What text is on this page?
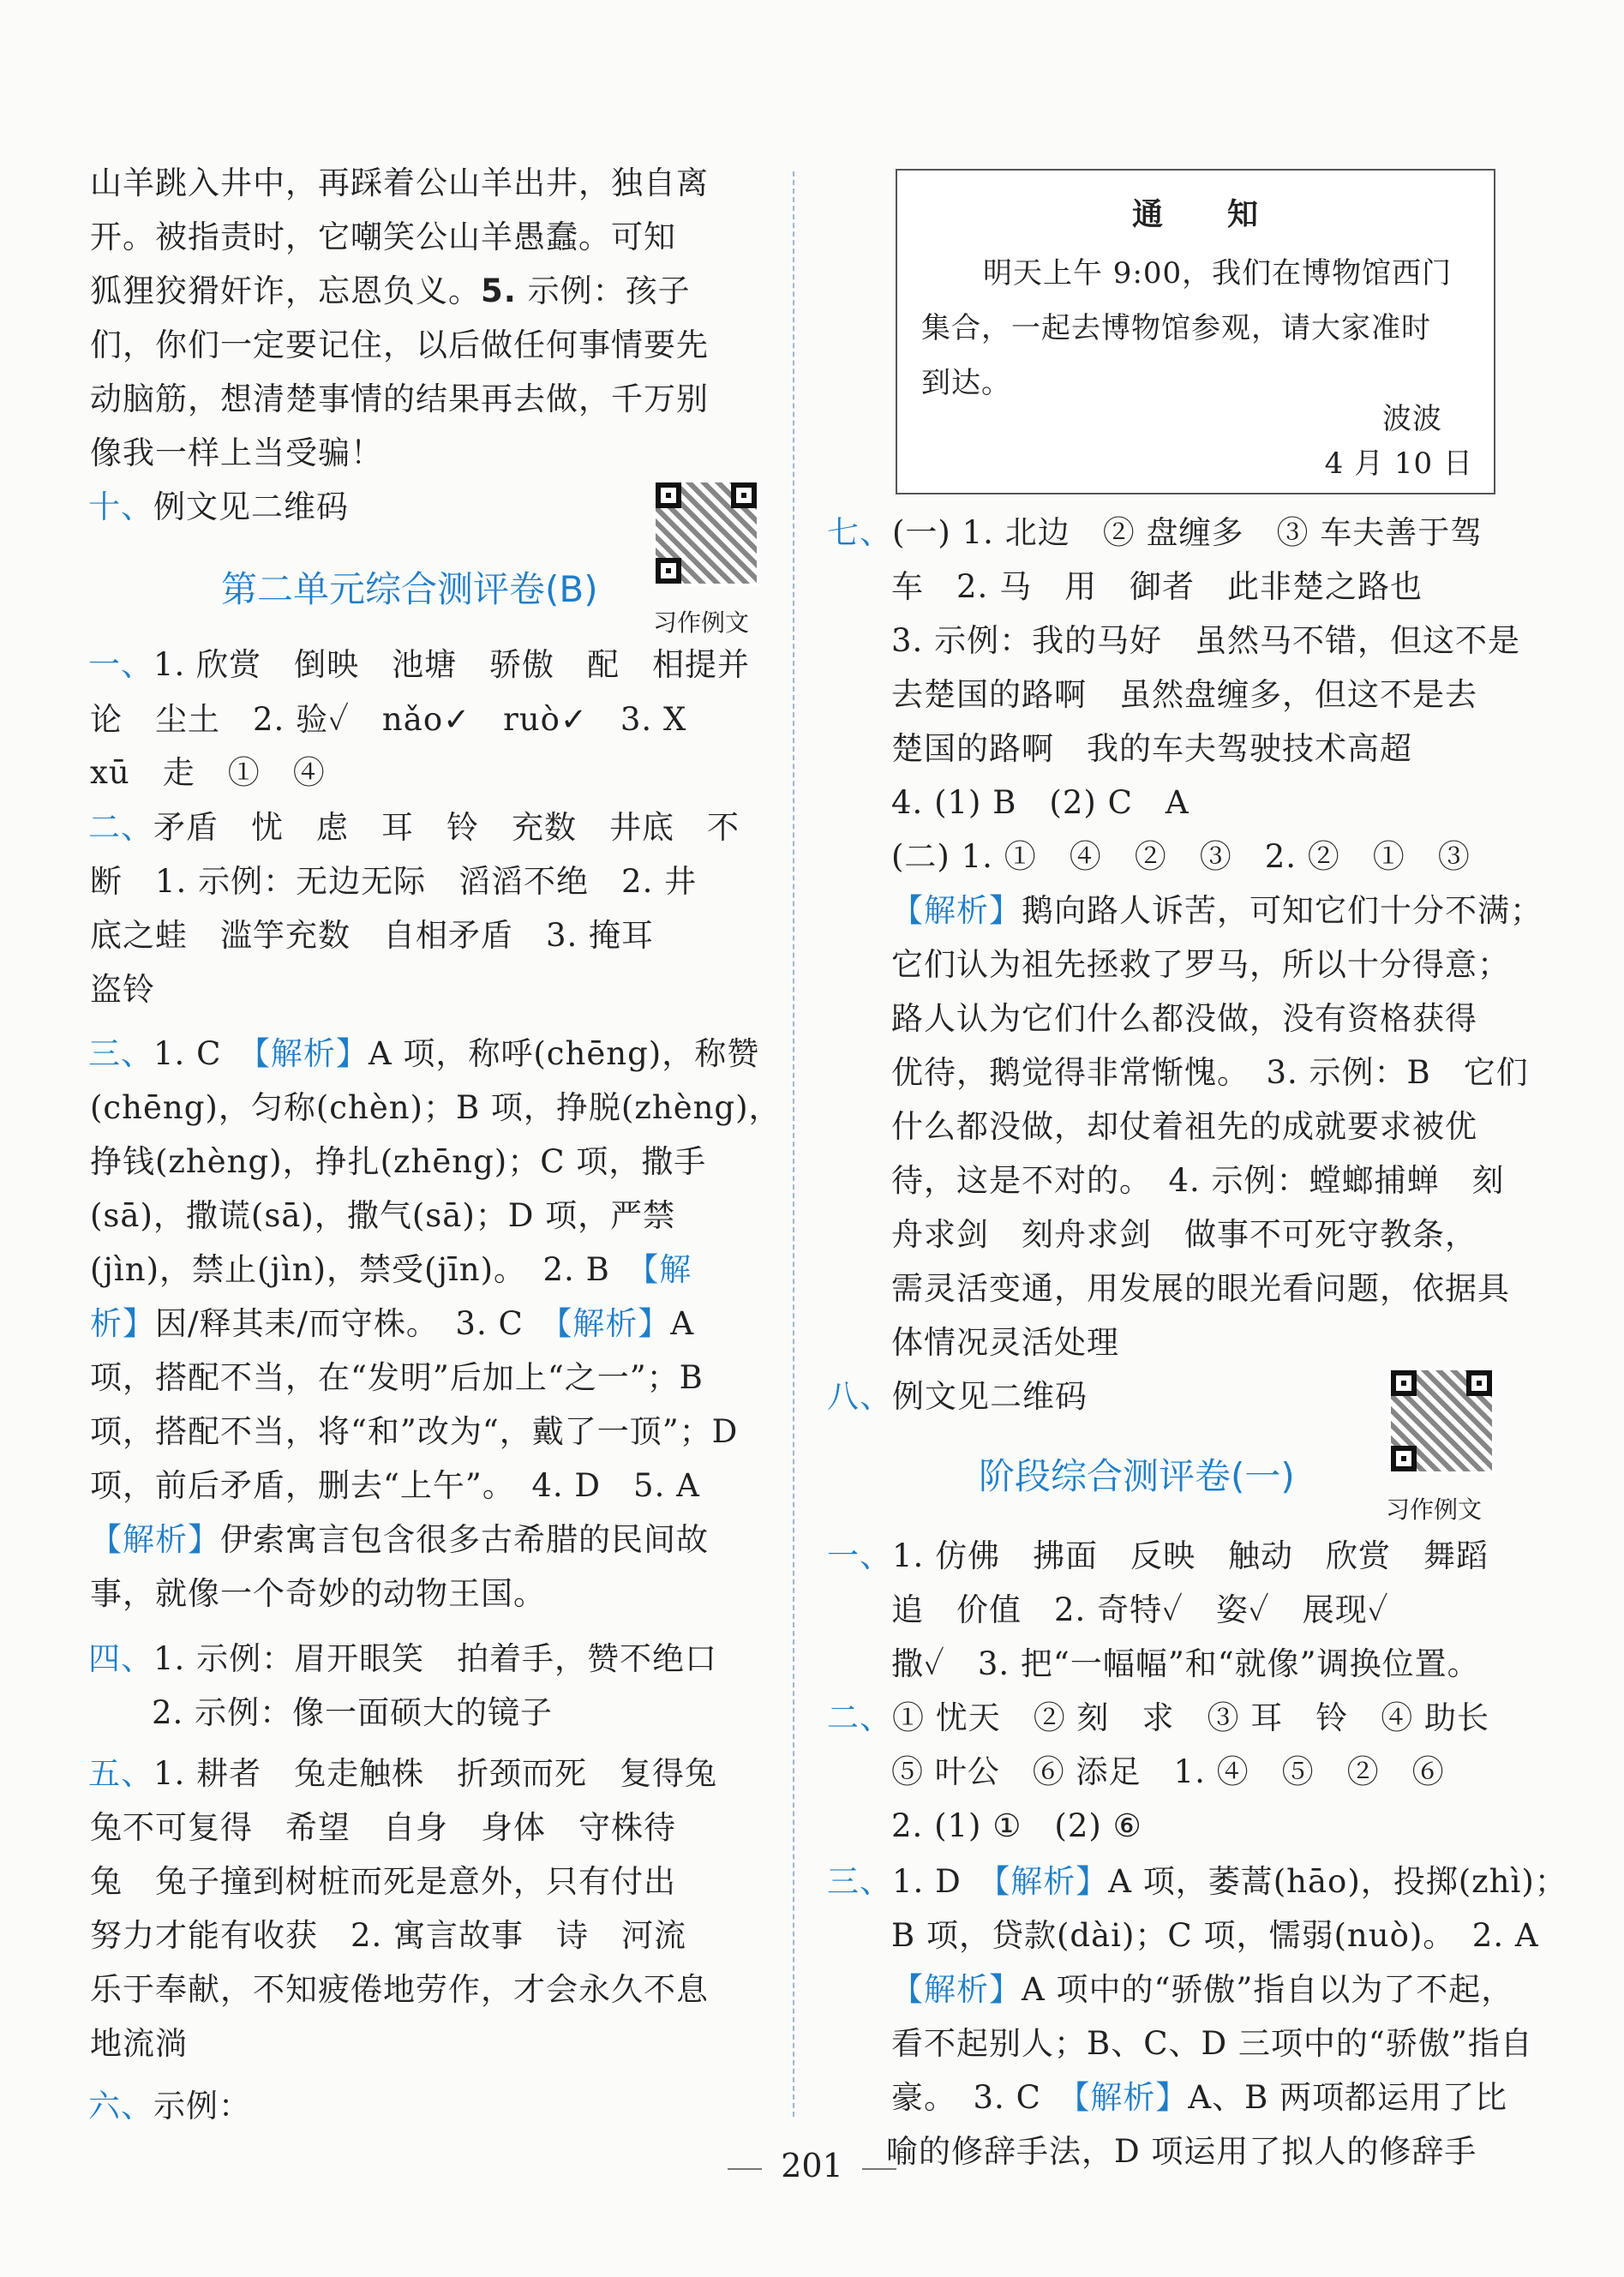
山羊跳入井中，再踩着公山羊出井，独自离
开。被指责时，它嘲笑公山羊愚蠢。可知
狐狸狡猾奸诈，忘恩负义。5. 示例：孩子
们，你们一定要记住，以后做任何事情要先
动脑筋，想清楚事情的结果再去做，千万别
像我一样上当受骗！
十、例文见二维码
第二单元综合测评卷(B)
习作例文
一、1. 欣赏　倒映　池塘　骄傲　配　相提并
论　尘土　2. 验✓　nǎo✓　ruò✓　3. X
xū　走　①　④
二、矛盾　忧　虑　耳　铃　充数　井底　不
断　1. 示例：无边无际　滔滔不绝　2. 井
底之蛙　滥竽充数　自相矛盾　3. 掩耳
盗铃
三、1. C　【解析】A 项，称呼(chēng)，称赞
(chēng)，匀称(chèn)；B 项，挣脱(zhèng)，
挣钱(zhèng)，挣扎(zhēng)；C 项，撒手
(sā)，撒谎(sā)，撒气(sā)；D 项，严禁
(jìn)，禁止(jìn)，禁受(jīn)。　2. B　【解
析】因/释其耒/而守株。　3. C　【解析】A
项，搭配不当，在“发明”后加上“之一”；B
项，搭配不当，将“和”改为“，戴了一顶”；D
项，前后矛盾，删去“上午”。　4. D　5. A
【解析】伊索寓言包含很多古希腊的民间故
事，就像一个奇妙的动物王国。
四、1. 示例：眉开眼笑　拍着手，赞不绝口
2. 示例：像一面硕大的镜子
五、1. 耕者　兔走触株　折颈而死　复得兔
兔不可复得　希望　自身　身体　守株待
兔　兔子撞到树桩而死是意外，只有付出
努力才能有收获　2. 寓言故事　诗　河流
乐于奉献，不知疲倦地劳作，才会永久不息
地流淌
六、示例：
通　　知
明天上午 9:00，我们在博物馆西门
集合，一起去博物馆参观，请大家准时
到达。
波波
4 月 10 日
七、(一) 1. 北边　② 盘缠多　③ 车夫善于驾
车　2. 马　用　御者　此非楚之路也
3. 示例：我的马好　虽然马不错，但这不是
去楚国的路啊　虽然盘缠多，但这不是去
楚国的路啊　我的车夫驾驶技术高超
4. (1) B　(2) C　A
(二) 1. ①　④　②　③　2. ②　①　③
【解析】鹅向路人诉苦，可知它们十分不满；
它们认为祖先拯救了罗马，所以十分得意；
路人认为它们什么都没做，没有资格获得
优待，鹅觉得非常惭愧。　3. 示例：B　它们
什么都没做，却仗着祖先的成就要求被优
待，这是不对的。　4. 示例：螳螂捕蝉　刻
舟求剑　刻舟求剑　做事不可死守教条，
需灵活变通，用发展的眼光看问题，依据具
体情况灵活处理
八、例文见二维码
阶段综合测评卷(一)
习作例文
一、1. 仿佛　拂面　反映　触动　欣赏　舞蹈
追　价值　2. 奇特✓　姿✓　展现✓
撒✓　3. 把“一幅幅”和“就像”调换位置。
二、① 忧天　② 刻　求　③ 耳　铃　④ 助长
⑤ 叶公　⑥ 添足　1. ④　⑤　②　⑥
2. (1) ①　(2) ⑥
三、1. D　【解析】A 项，萎蒿(hāo)，投掷(zhì)；
B 项，贷款(dài)；C 项，懦弱(nuò)。　2. A
【解析】A 项中的“骄傲”指自以为了不起，
看不起别人；B、C、D 三项中的“骄傲”指自
豪。　3. C　【解析】A、B 两项都运用了比
喻的修辞手法，D 项运用了拟人的修辞手
201
